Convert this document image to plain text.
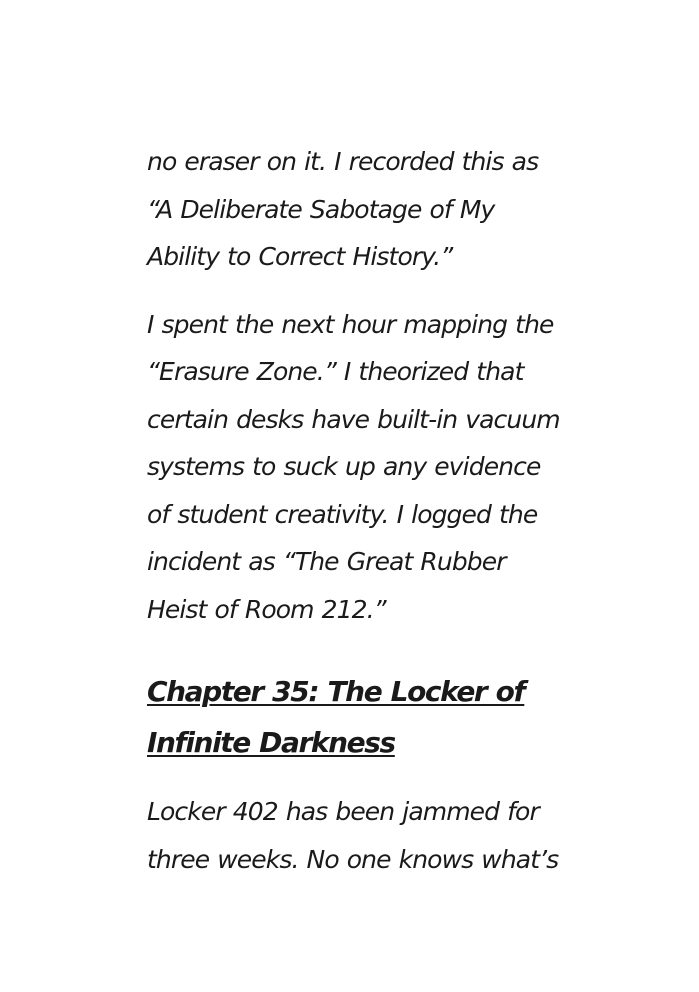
no eraser on it. I recorded this as “A Deliberate Sabotage of My Ability to Correct History.”

I spent the next hour mapping the “Erasure Zone.” I theorized that certain desks have built-in vacuum systems to suck up any evidence of student creativity. I logged the incident as “The Great Rubber Heist of Room 212.”

Chapter 35: The Locker of Infinite Darkness

Locker 402 has been jammed for three weeks. No one knows what’s
